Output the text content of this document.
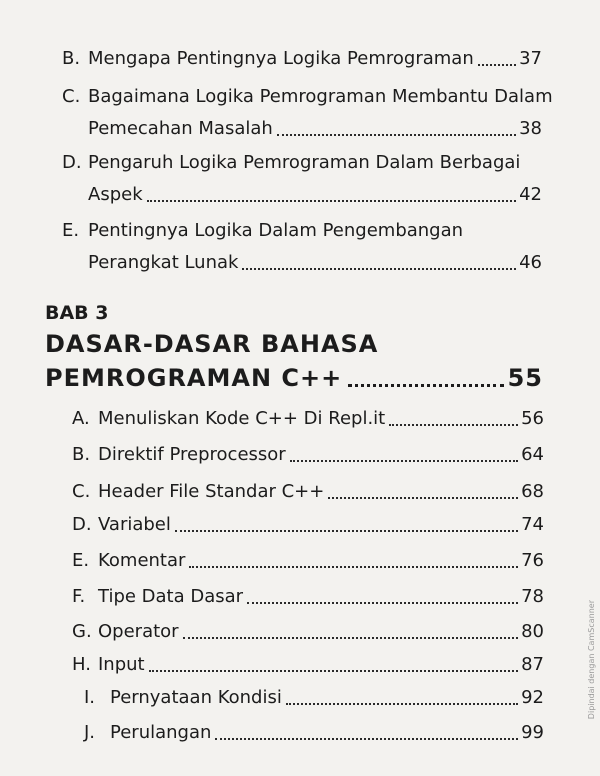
B. Mengapa Pentingnya Logika Pemrograman	37
C. Bagaimana Logika Pemrograman Membantu Dalam
Pemecahan Masalah	38
D. Pengaruh Logika Pemrograman Dalam Berbagai
Aspek	42
E. Pentingnya Logika Dalam Pengembangan
Perangkat Lunak	46
BAB 3
DASAR-DASAR BAHASA
PEMROGRAMAN C++	55
A. Menuliskan Kode C++ Di Repl.it	56
B. Direktif Preprocessor	64
C. Header File Standar C++	68
D. Variabel	74
E. Komentar	76
F. Tipe Data Dasar	78
G. Operator	80
H. Input	87
I. Pernyataan Kondisi	92
J. Perulangan	99
Dipindai dengan CamScanner
